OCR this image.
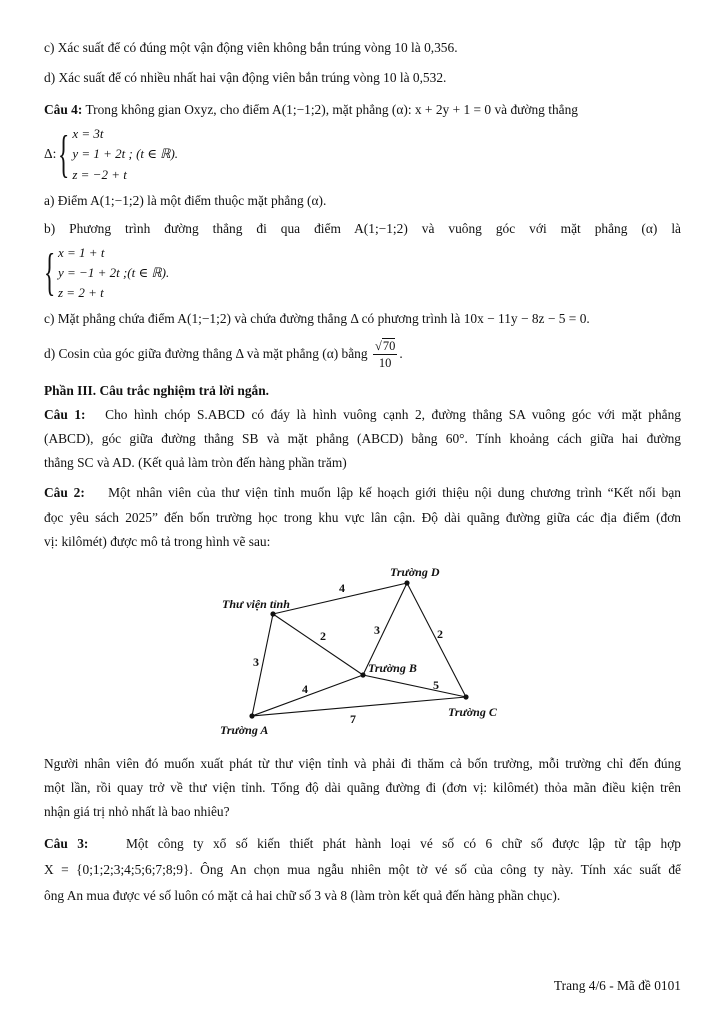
c) Xác suất để có đúng một vận động viên không bắn trúng vòng 10 là 0,356.

d) Xác suất để có nhiều nhất hai vận động viên bắn trúng vòng 10 là 0,532.

Câu 4: Trong không gian Oxyz, cho điểm A(1;−1;2), mặt phẳng (α): x + 2y + 1 = 0 và đường thẳng

Δ: { x = 3t
y = 1 + 2t ; (t ∈ ℝ).
z = −2 + t

a) Điểm A(1;−1;2) là một điểm thuộc mặt phẳng (α).

b) Phương trình đường thẳng đi qua điểm A(1;−1;2) và vuông góc với mặt phẳng (α) là

{ x = 1 + t
y = −1 + 2t ;(t ∈ ℝ).
z = 2 + t

c) Mặt phẳng chứa điểm A(1;−1;2) và chứa đường thẳng Δ có phương trình là 10x − 11y − 8z − 5 = 0.

d) Cosin của góc giữa đường thẳng Δ và mặt phẳng (α) bằng $\frac{√70}{10}$ .

Phần III. Câu trắc nghiệm trả lời ngắn.

Câu 1: Cho hình chóp S.ABCD có đáy là hình vuông cạnh 2, đường thẳng SA vuông góc với mặt phẳng

(ABCD), góc giữa đường thẳng SB và mặt phẳng (ABCD) bằng 60°. Tính khoảng cách giữa hai đường

thẳng SC và AD. (Kết quả làm tròn đến hàng phần trăm)

Câu 2: Một nhân viên của thư viện tỉnh muốn lập kế hoạch giới thiệu nội dung chương trình “Kết nối bạn

đọc yêu sách 2025” đến bốn trường học trong khu vực lân cận. Độ dài quãng đường giữa các địa điểm (đơn

vị: kilômét) được mô tả trong hình vẽ sau:

Thư viện tỉnh
Trường D
Trường B
Trường A
Trường C
4
2
3
3	2
5
4
7

Người nhân viên đó muốn xuất phát từ thư viện tỉnh và phải đi thăm cả bốn trường, mỗi trường chỉ đến đúng

một lần, rồi quay trở về thư viện tỉnh. Tổng độ dài quãng đường đi (đơn vị: kilômét) thỏa mãn điều kiện trên

nhận giá trị nhỏ nhất là bao nhiêu?

Câu 3:	Một công ty xổ số kiến thiết phát hành loại vé số có 6 chữ số được lập từ tập hợp

X = {0;1;2;3;4;5;6;7;8;9}. Ông An chọn mua ngẫu nhiên một tờ vé số của công ty này. Tính xác suất để

ông An mua được vé số luôn có mặt cả hai chữ số 3 và 8 (làm tròn kết quả đến hàng phần chục).

Trang 4/6 - Mã đề 0101
